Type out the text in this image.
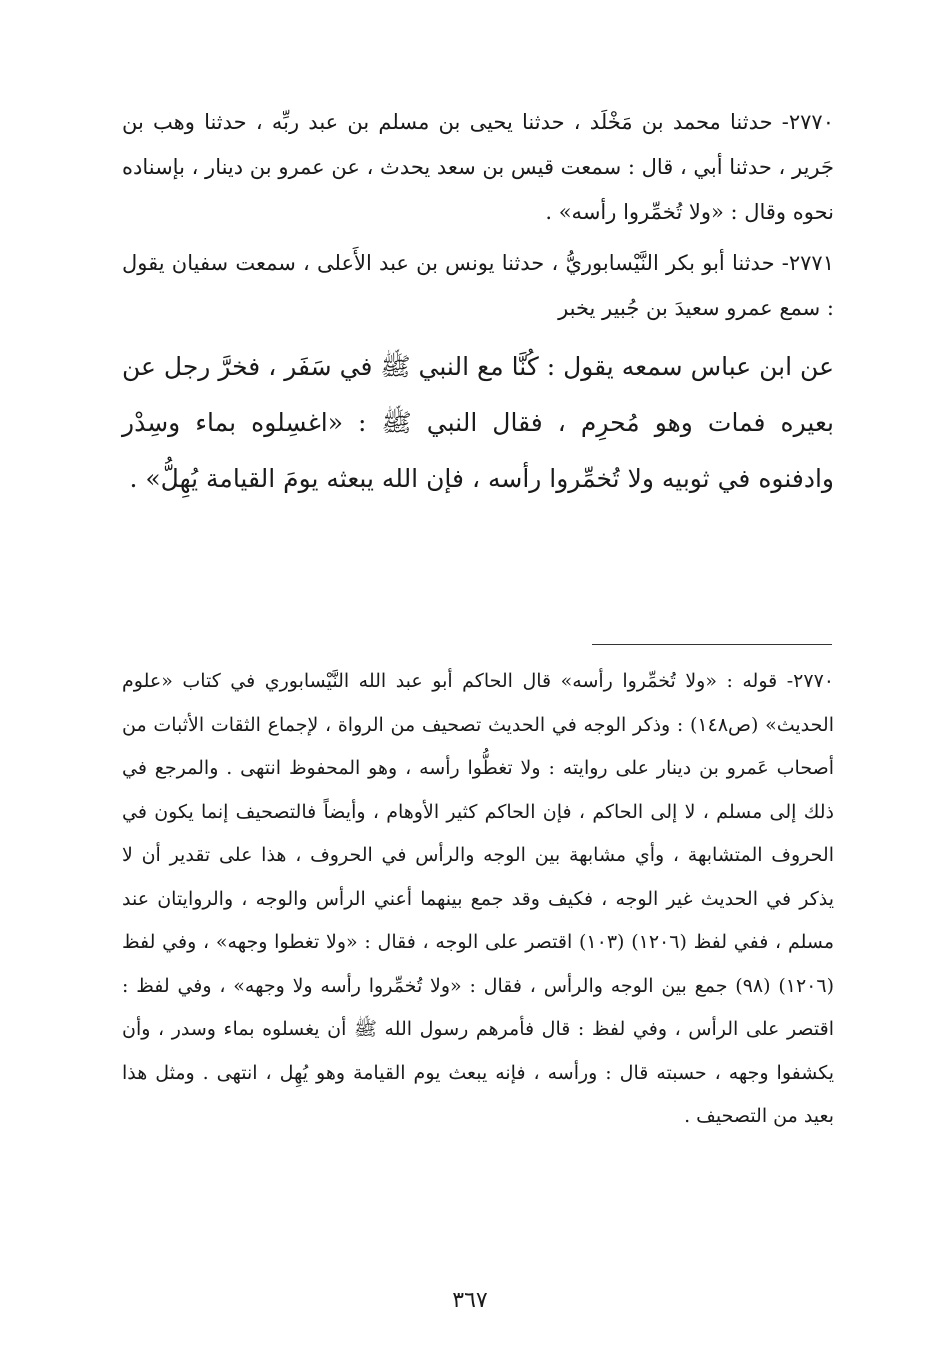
٢٧٧٠- حدثنا محمد بن مَخْلَد ، حدثنا يحيى بن مسلم بن عبد ربِّه ، حدثنا وهب بن جَرير ، حدثنا أبي ، قال : سمعت قيس بن سعد يحدث ، عن عمرو بن دينار ، بإسناده نحوه وقال : «ولا تُخمِّروا رأسه» .

٢٧٧١- حدثنا أبو بكر النَّيْسابوريُّ ، حدثنا يونس بن عبد الأَعلى ، سمعت سفيان يقول : سمع عمرو سعيدَ بن جُبير يخبر

عن ابن عباس سمعه يقول : كُنَّا مع النبي ﷺ في سَفَر ، فخرَّ رجل عن بعيره فمات وهو مُحرِم ، فقال النبي ﷺ : «اغسِلوه بماء وسِدْر وادفنوه في ثوبيه ولا تُخمِّروا رأسه ، فإن الله يبعثه يومَ القيامة يُهِلُّ» .

٢٧٧٠- قوله : «ولا تُخمِّروا رأسه» قال الحاكم أبو عبد الله النَّيْسابوري في كتاب «علوم الحديث» (ص١٤٨) : وذكر الوجه في الحديث تصحيف من الرواة ، لإجماع الثقات الأثبات من أصحاب عَمرو بن دينار على روايته : ولا تغطُّوا رأسه ، وهو المحفوظ انتهى . والمرجع في ذلك إلى مسلم ، لا إلى الحاكم ، فإن الحاكم كثير الأوهام ، وأيضاً فالتصحيف إنما يكون في الحروف المتشابهة ، وأي مشابهة بين الوجه والرأس في الحروف ، هذا على تقدير أن لا يذكر في الحديث غير الوجه ، فكيف وقد جمع بينهما أعني الرأس والوجه ، والروايتان عند مسلم ، ففي لفظ (١٢٠٦) (١٠٣) اقتصر على الوجه ، فقال : «ولا تغطوا وجهه» ، وفي لفظ (١٢٠٦) (٩٨) جمع بين الوجه والرأس ، فقال : «ولا تُخمِّروا رأسه ولا وجهه» ، وفي لفظ : اقتصر على الرأس ، وفي لفظ : قال فأمرهم رسول الله ﷺ أن يغسلوه بماء وسدر ، وأن يكشفوا وجهه ، حسبته قال : ورأسه ، فإنه يبعث يوم القيامة وهو يُهِل ، انتهى . ومثل هذا بعيد من التصحيف .

٣٦٧
